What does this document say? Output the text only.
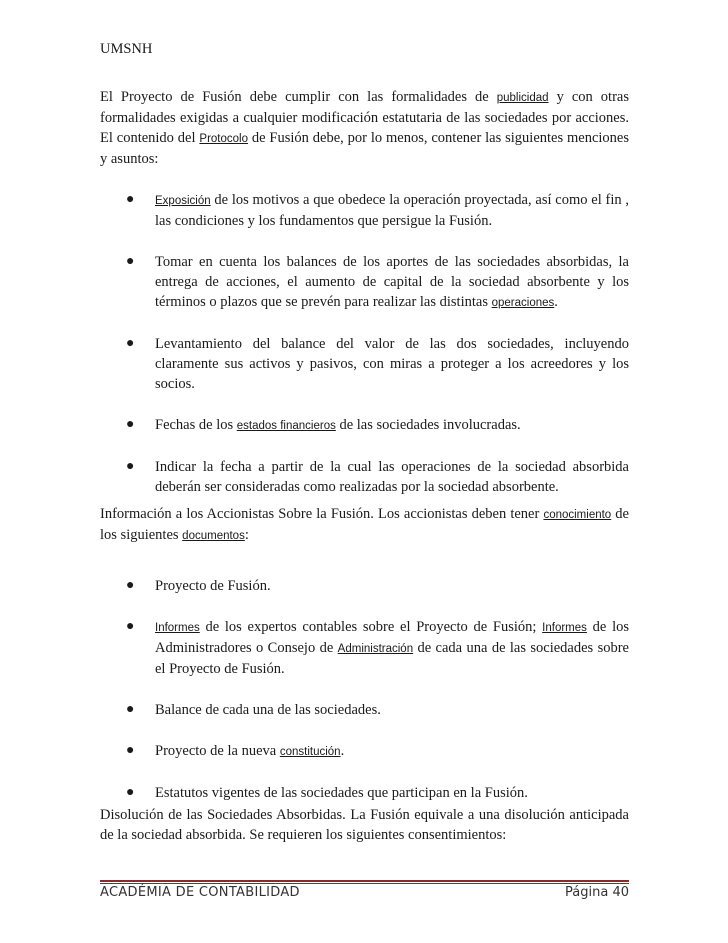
UMSNH

El Proyecto de Fusión debe cumplir con las formalidades de publicidad y con otras formalidades exigidas a cualquier modificación estatutaria de las sociedades por acciones. El contenido del Protocolo de Fusión debe, por lo menos, contener las siguientes menciones y asuntos:

● Exposición de los motivos a que obedece la operación proyectada, así como el fin , las condiciones y los fundamentos que persigue la Fusión.
● Tomar en cuenta los balances de los aportes de las sociedades absorbidas, la entrega de acciones, el aumento de capital de la sociedad absorbente y los términos o plazos que se prevén para realizar las distintas operaciones.
● Levantamiento del balance del valor de las dos sociedades, incluyendo claramente sus activos y pasivos, con miras a proteger a los acreedores y los socios.
● Fechas de los estados financieros de las sociedades involucradas.
● Indicar la fecha a partir de la cual las operaciones de la sociedad absorbida deberán ser consideradas como realizadas por la sociedad absorbente.

Información a los Accionistas Sobre la Fusión. Los accionistas deben tener conocimiento de los siguientes documentos:

● Proyecto de Fusión.
● Informes de los expertos contables sobre el Proyecto de Fusión; Informes de los Administradores o Consejo de Administración de cada una de las sociedades sobre el Proyecto de Fusión.
● Balance de cada una de las sociedades.
● Proyecto de la nueva constitución.
● Estatutos vigentes de las sociedades que participan en la Fusión.

Disolución de las Sociedades Absorbidas. La Fusión equivale a una disolución anticipada de la sociedad absorbida. Se requieren los siguientes consentimientos:

ACADÉMIA DE CONTABILIDAD	Página 40
